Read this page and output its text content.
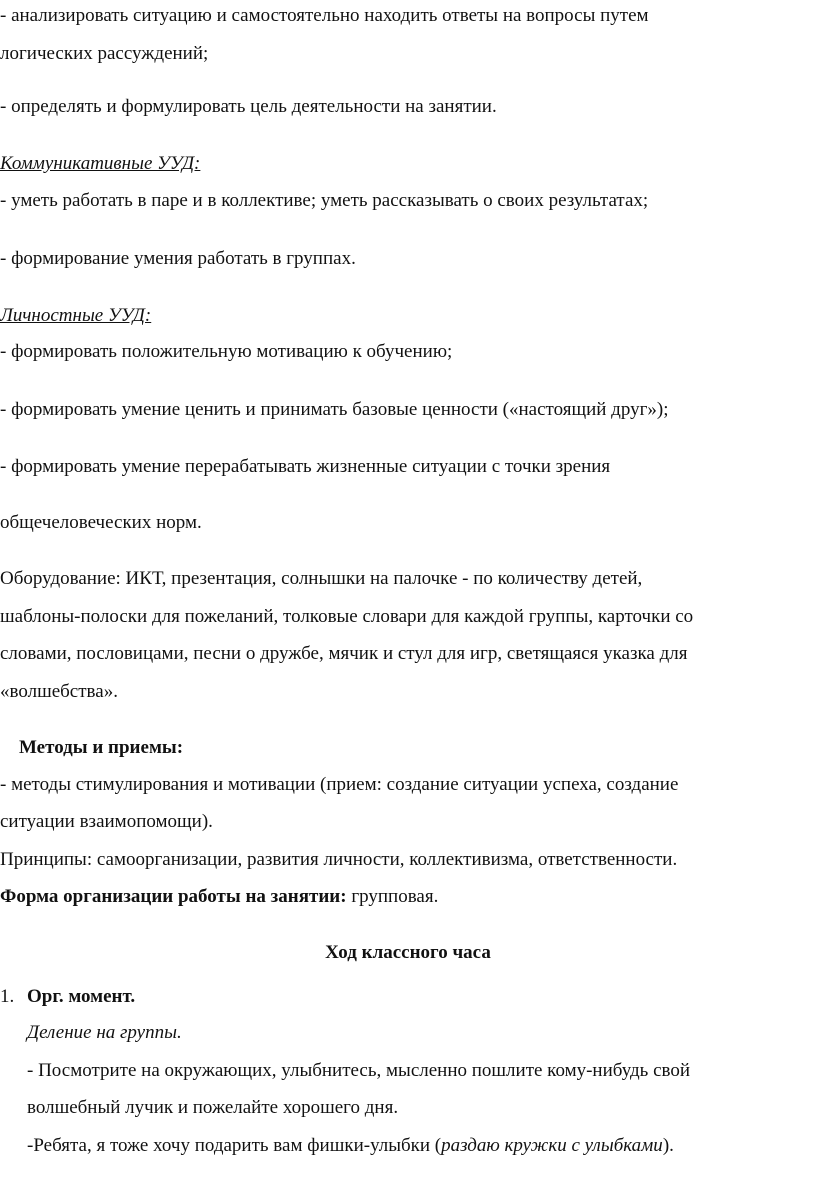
- анализировать ситуацию и самостоятельно находить ответы на вопросы путем
логических рассуждений;
- определять и формулировать цель деятельности на занятии.
Коммуникативные УУД:
- уметь работать в паре и в коллективе; уметь рассказывать о своих результатах;
- формирование умения работать в группах.
Личностные УУД:
- формировать положительную мотивацию к обучению;
- формировать умение ценить и принимать базовые ценности («настоящий друг»);
- формировать умение перерабатывать жизненные ситуации с точки зрения
общечеловеческих норм.
Оборудование: ИКТ, презентация, солнышки на палочке - по количеству детей,
шаблоны-полоски для пожеланий, толковые словари для каждой группы, карточки со
словами, пословицами, песни о дружбе, мячик и стул для игр, светящаяся указка для
«волшебства».
Методы и приемы:
- методы стимулирования и мотивации (прием: создание ситуации успеха, создание
ситуации взаимопомощи).
Принципы: самоорганизации, развития личности, коллективизма, ответственности.
Форма организации работы на занятии: групповая.
Ход классного часа
1. Орг. момент.
Деление на группы.
- Посмотрите на окружающих, улыбнитесь, мысленно пошлите кому-нибудь свой
волшебный лучик и пожелайте хорошего дня.
-Ребята, я тоже хочу подарить вам фишки-улыбки (раздаю кружки с улыбками).
